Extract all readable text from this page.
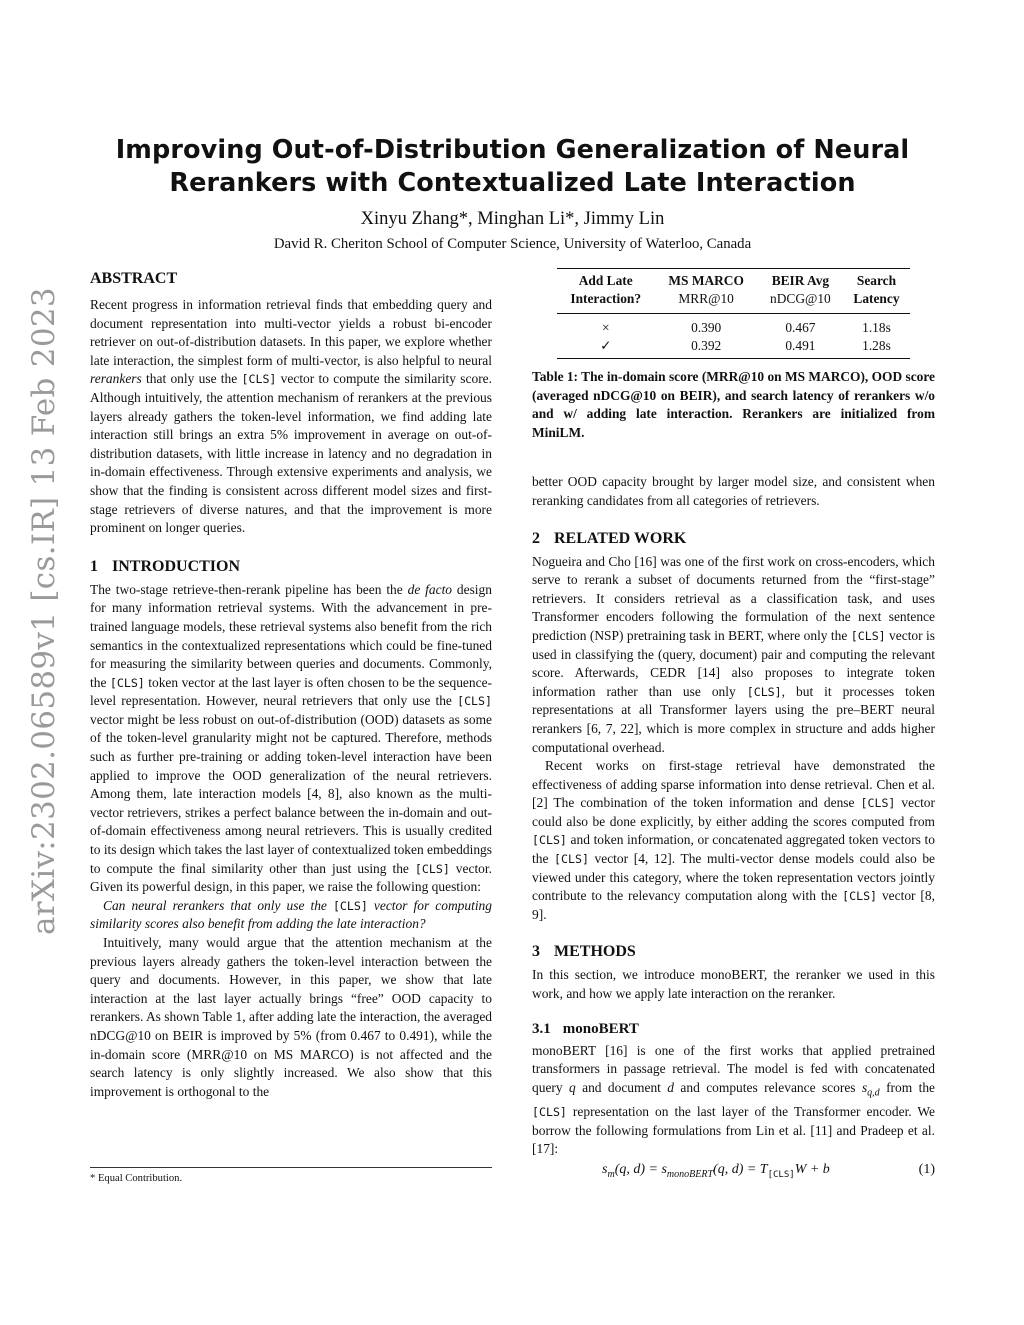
arXiv:2302.06589v1 [cs.IR] 13 Feb 2023
Improving Out-of-Distribution Generalization of Neural
Rerankers with Contextualized Late Interaction
Xinyu Zhang*, Minghan Li*, Jimmy Lin
David R. Cheriton School of Computer Science, University of Waterloo, Canada
ABSTRACT

Recent progress in information retrieval finds that embedding query and document representation into multi-vector yields a robust bi-encoder retriever on out-of-distribution datasets. In this paper, we explore whether late interaction, the simplest form of multi-vector, is also helpful to neural rerankers that only use the [CLS] vector to compute the similarity score. Although intuitively, the attention mechanism of rerankers at the previous layers already gathers the token-level information, we find adding late interaction still brings an extra 5% improvement in average on out-of-distribution datasets, with little increase in latency and no degradation in in-domain effectiveness. Through extensive experiments and analysis, we show that the finding is consistent across different model sizes and first-stage retrievers of diverse natures, and that the improvement is more prominent on longer queries.

1 INTRODUCTION

The two-stage retrieve-then-rerank pipeline has been the de facto design for many information retrieval systems. With the advancement in pre-trained language models, these retrieval systems also benefit from the rich semantics in the contextualized representations which could be fine-tuned for measuring the similarity between queries and documents. Commonly, the [CLS] token vector at the last layer is often chosen to be the sequence-level representation. However, neural retrievers that only use the [CLS] vector might be less robust on out-of-distribution (OOD) datasets as some of the token-level granularity might not be captured. Therefore, methods such as further pre-training or adding token-level interaction have been applied to improve the OOD generalization of the neural retrievers. Among them, late interaction models [4, 8], also known as the multi-vector retrievers, strikes a perfect balance between the in-domain and out-of-domain effectiveness among neural retrievers. This is usually credited to its design which takes the last layer of contextualized token embeddings to compute the final similarity other than just using the [CLS] vector. Given its powerful design, in this paper, we raise the following question:

Can neural rerankers that only use the [CLS] vector for computing similarity scores also benefit from adding the late interaction?

Intuitively, many would argue that the attention mechanism at the previous layers already gathers the token-level interaction between the query and documents. However, in this paper, we show that late interaction at the last layer actually brings “free” OOD capacity to rerankers. As shown Table 1, after adding late the interaction, the averaged nDCG@10 on BEIR is improved by 5% (from 0.467 to 0.491), while the in-domain score (MRR@10 on MS MARCO) is not affected and the search latency is only slightly increased. We also show that this improvement is orthogonal to the

* Equal Contribution.
Add Late	MS MARCO	BEIR Avg	Search
Interaction?	MRR@10	nDCG@10	Latency
×	0.390	0.467	1.18s
✓	0.392	0.491	1.28s

Table 1: The in-domain score (MRR@10 on MS MARCO), OOD score (averaged nDCG@10 on BEIR), and search latency of rerankers w/o and w/ adding late interaction. Rerankers are initialized from MiniLM.

better OOD capacity brought by larger model size, and consistent when reranking candidates from all categories of retrievers.

2 RELATED WORK

Nogueira and Cho [16] was one of the first work on cross-encoders, which serve to rerank a subset of documents returned from the “first-stage” retrievers. It considers retrieval as a classification task, and uses Transformer encoders following the formulation of the next sentence prediction (NSP) pretraining task in BERT, where only the [CLS] vector is used in classifying the (query, document) pair and computing the relevant score. Afterwards, CEDR [14] also proposes to integrate token information rather than use only [CLS], but it processes token representations at all Transformer layers using the pre–BERT neural rerankers [6, 7, 22], which is more complex in structure and adds higher computational overhead.

Recent works on first-stage retrieval have demonstrated the effectiveness of adding sparse information into dense retrieval. Chen et al. [2] The combination of the token information and dense [CLS] vector could also be done explicitly, by either adding the scores computed from [CLS] and token information, or concatenated aggregated token vectors to the [CLS] vector [4, 12]. The multi-vector dense models could also be viewed under this category, where the token representation vectors jointly contribute to the relevancy computation along with the [CLS] vector [8, 9].

3 METHODS

In this section, we introduce monoBERT, the reranker we used in this work, and how we apply late interaction on the reranker.

3.1 monoBERT

monoBERT [16] is one of the first works that applied pretrained transformers in passage retrieval. The model is fed with concatenated query q and document d and computes relevance scores $s_{q,d}$ from the [CLS] representation on the last layer of the Transformer encoder. We borrow the following formulations from Lin et al. [11] and Pradeep et al. [17]:

$s_m(q$, $d) = s_{monoBERT}(q$, $d) = T_{[CLS]}W + b$	(1)
